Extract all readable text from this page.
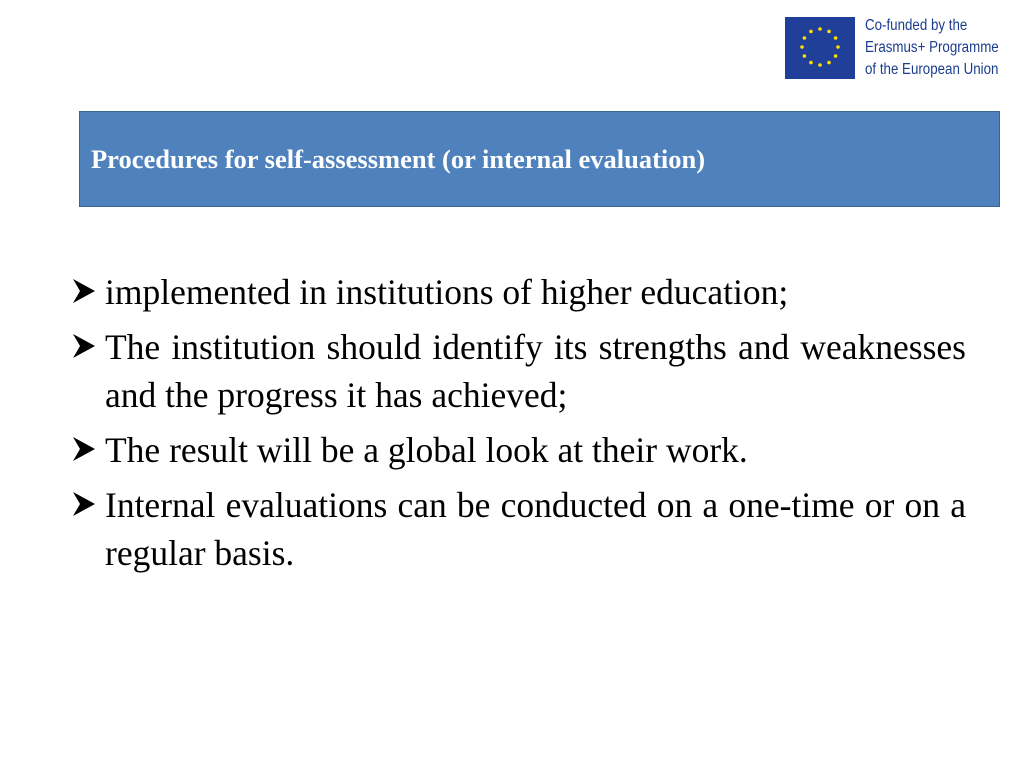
Co-funded by the
Erasmus+ Programme
of the European Union
Procedures for self-assessment (or internal evaluation)
implemented in institutions of higher education;
The institution should identify its strengths and weaknesses and the progress it has achieved;
The result will be a global look at their work.
Internal evaluations can be conducted on a one-time or on a regular basis.
